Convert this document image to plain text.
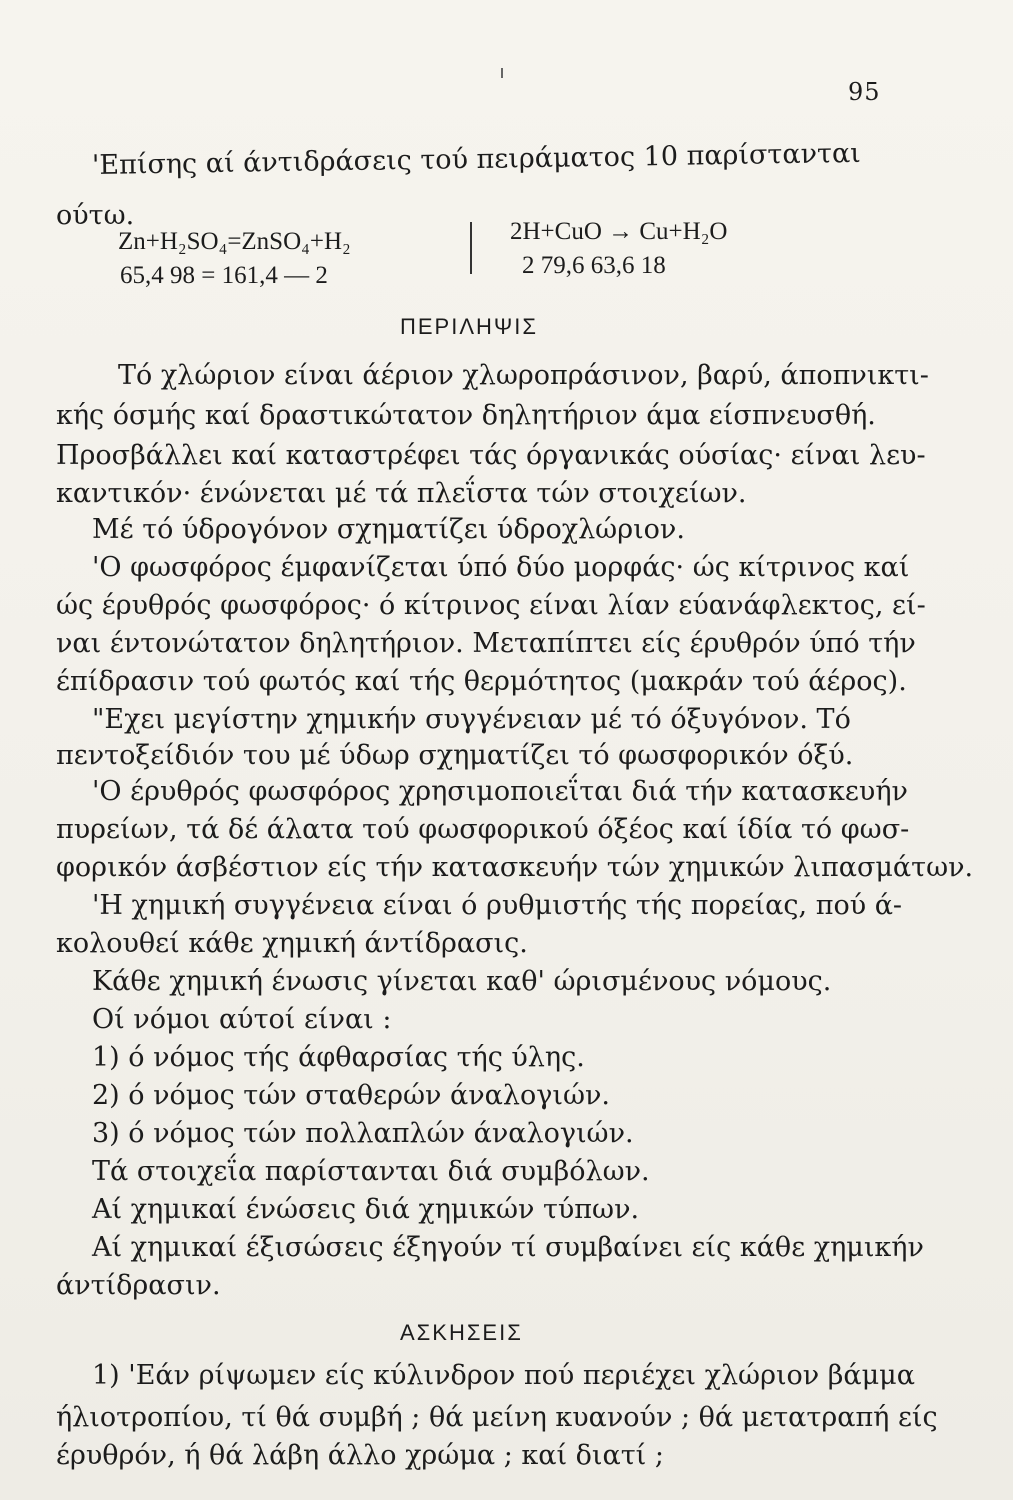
95
'Επίσης αί άντιδράσεις τού πειράματος 10 παρίστανται
ούτω.
Zn+H₂SO₄=ZnSO₄+H₂
65,4 98 = 161,4 — 2
2H+CuO → Cu+H₂O
2 79,6 63,6 18
ΠΕΡΙΛΗΨΙΣ
Τό χλώριον είναι άέριον χλωροπράσινον, βαρύ, άποπνικτι-
κής όσμής καί δραστικώτατον δηλητήριον άμα είσπνευσθή.
Προσβάλλει καί καταστρέφει τάς όργανικάς ούσίας· είναι λευ-
καντικόν· ένώνεται μέ τά πλεΐστα τών στοιχείων.
Μέ τό ύδρογόνον σχηματίζει ύδροχλώριον.
'Ο φωσφόρος έμφανίζεται ύπό δύο μορφάς· ώς κίτρινος καί
ώς έρυθρός φωσφόρος· ό κίτρινος είναι λίαν εύανάφλεκτος, εί-
ναι έντονώτατον δηλητήριον. Μεταπίπτει είς έρυθρόν ύπό τήν
έπίδρασιν τού φωτός καί τής θερμότητος (μακράν τού άέρος).
"Εχει μεγίστην χημικήν συγγένειαν μέ τό όξυγόνον. Τό
πεντοξείδιόν του μέ ύδωρ σχηματίζει τό φωσφορικόν όξύ.
'Ο έρυθρός φωσφόρος χρησιμοποιεΐται διά τήν κατασκευήν
πυρείων, τά δέ άλατα τού φωσφορικού όξέος καί ίδία τό φωσ-
φορικόν άσβέστιον είς τήν κατασκευήν τών χημικών λιπασμάτων.
'Η χημική συγγένεια είναι ό ρυθμιστής τής πορείας, πού ά-
κολουθεί κάθε χημική άντίδρασις.
Κάθε χημική ένωσις γίνεται καθ' ώρισμένους νόμους.
Οί νόμοι αύτοί είναι :
1) ό νόμος τής άφθαρσίας τής ύλης.
2) ό νόμος τών σταθερών άναλογιών.
3) ό νόμος τών πολλαπλών άναλογιών.
Τά στοιχεΐα παρίστανται διά συμβόλων.
Αί χημικαί ένώσεις διά χημικών τύπων.
Αί χημικαί έξισώσεις έξηγούν τί συμβαίνει είς κάθε χημικήν
άντίδρασιν.
ΑΣΚΗΣΕΙΣ
1) 'Εάν ρίψωμεν είς κύλινδρον πού περιέχει χλώριον βάμμα
ήλιοτροπίου, τί θά συμβή ; θά μείνη κυανούν ; θά μετατραπή είς
έρυθρόν, ή θά λάβη άλλο χρώμα ; καί διατί ;
